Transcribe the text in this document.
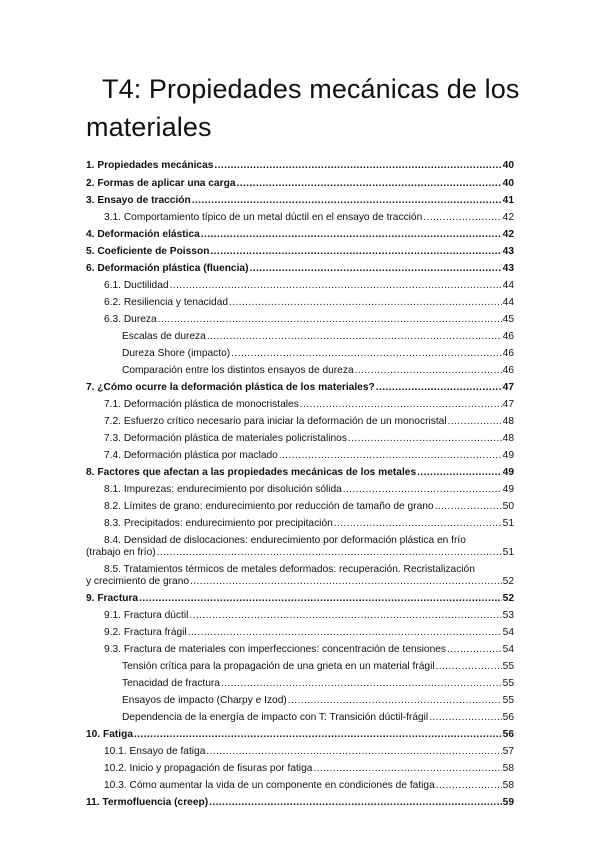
T4: Propiedades mecánicas de los
materiales
1. Propiedades mecánicas .....	40
2. Formas de aplicar una carga .....	40
3. Ensayo de tracción .....	41
3.1. Comportamiento típico de un metal dúctil en el ensayo de tracción .....	42
4. Deformación elástica .....	42
5. Coeficiente de Poisson .....	43
6. Deformación plástica (fluencia) .....	43
6.1. Ductilidad .....	44
6.2. Resiliencia y tenacidad .....	44
6.3. Dureza .....	45
Escalas de dureza .....	46
Dureza Shore (impacto) .....	46
Comparación entre los distintos ensayos de dureza .....	46
7. ¿Cómo ocurre la deformación plástica de los materiales? .....	47
7.1. Deformación plástica de monocristales .....	47
7.2. Esfuerzo crítico necesario para iniciar la deformación de un monocristal .....	48
7.3. Deformación plástica de materiales policristalinos .....	48
7.4. Deformación plástica por maclado .....	49
8. Factores que afectan a las propiedades mecánicas de los metales .....	49
8.1. Impurezas: endurecimiento por disolución sólida .....	49
8.2. Límites de grano: endurecimiento por reducción de tamaño de grano .....	50
8.3. Precipitados: endurecimiento por precipitación .....	51
8.4. Densidad de dislocaciones: endurecimiento por deformación plástica en frío
(trabajo en frío) .....	51
8.5. Tratamientos térmicos de metales deformados: recuperación. Recristalización
y crecimiento de grano .....	52
9. Fractura .....	52
9.1. Fractura dúctil .....	53
9.2. Fractura frágil .....	54
9.3. Fractura de materiales con imperfecciones: concentración de tensiones .....	54
Tensión crítica para la propagación de una grieta en un material frágil .....	55
Tenacidad de fractura .....	55
Ensayos de impacto (Charpy e Izod) .....	55
Dependencia de la energía de impacto con T: Transición dúctil-frágil .....	56
10. Fatiga .....	56
10.1. Ensayo de fatiga .....	57
10.2. Inicio y propagación de fisuras por fatiga .....	58
10.3. Cómo aumentar la vida de un componente en condiciones de fatiga .....	58
11. Termofluencia (creep) .....	59
